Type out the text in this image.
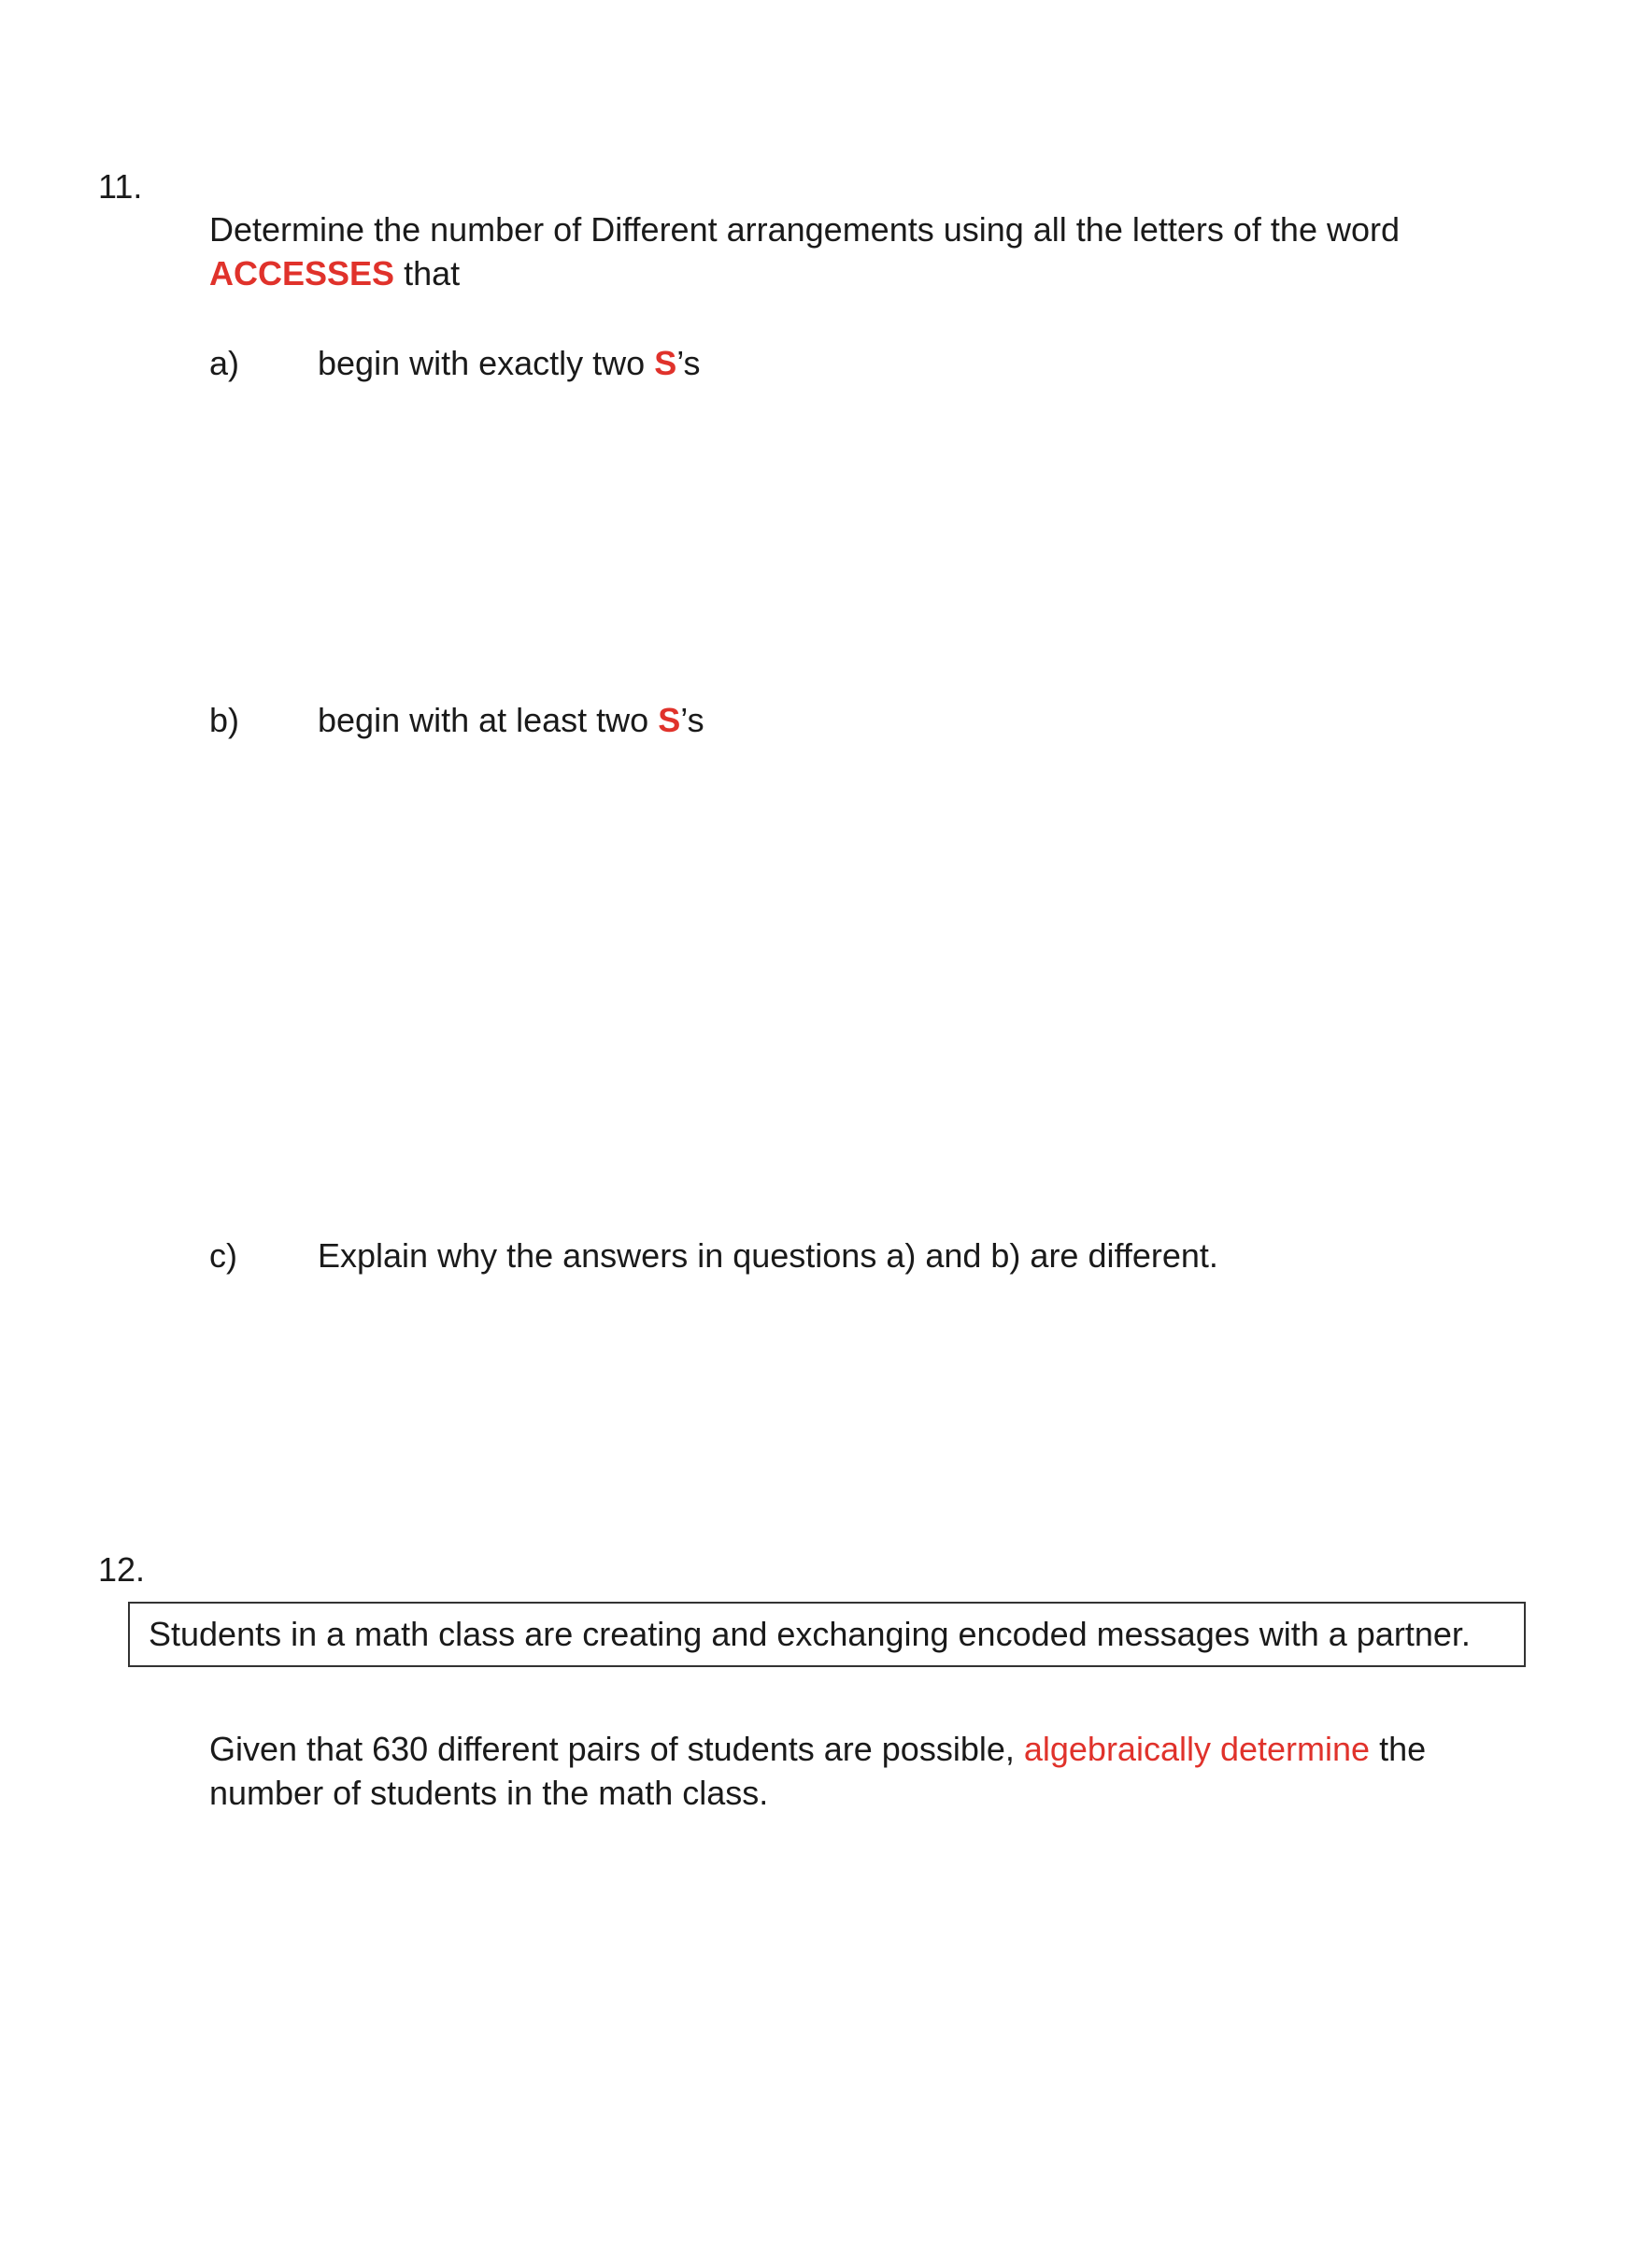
11.
Determine the number of Different arrangements using all the letters of the word
ACCESSES that
a) begin with exactly two S’s
b) begin with at least two S’s
c) Explain why the answers in questions a) and b) are different.
12.
Students in a math class are creating and exchanging encoded messages with a partner.
Given that 630 different pairs of students are possible, algebraically determine the
number of students in the math class.
